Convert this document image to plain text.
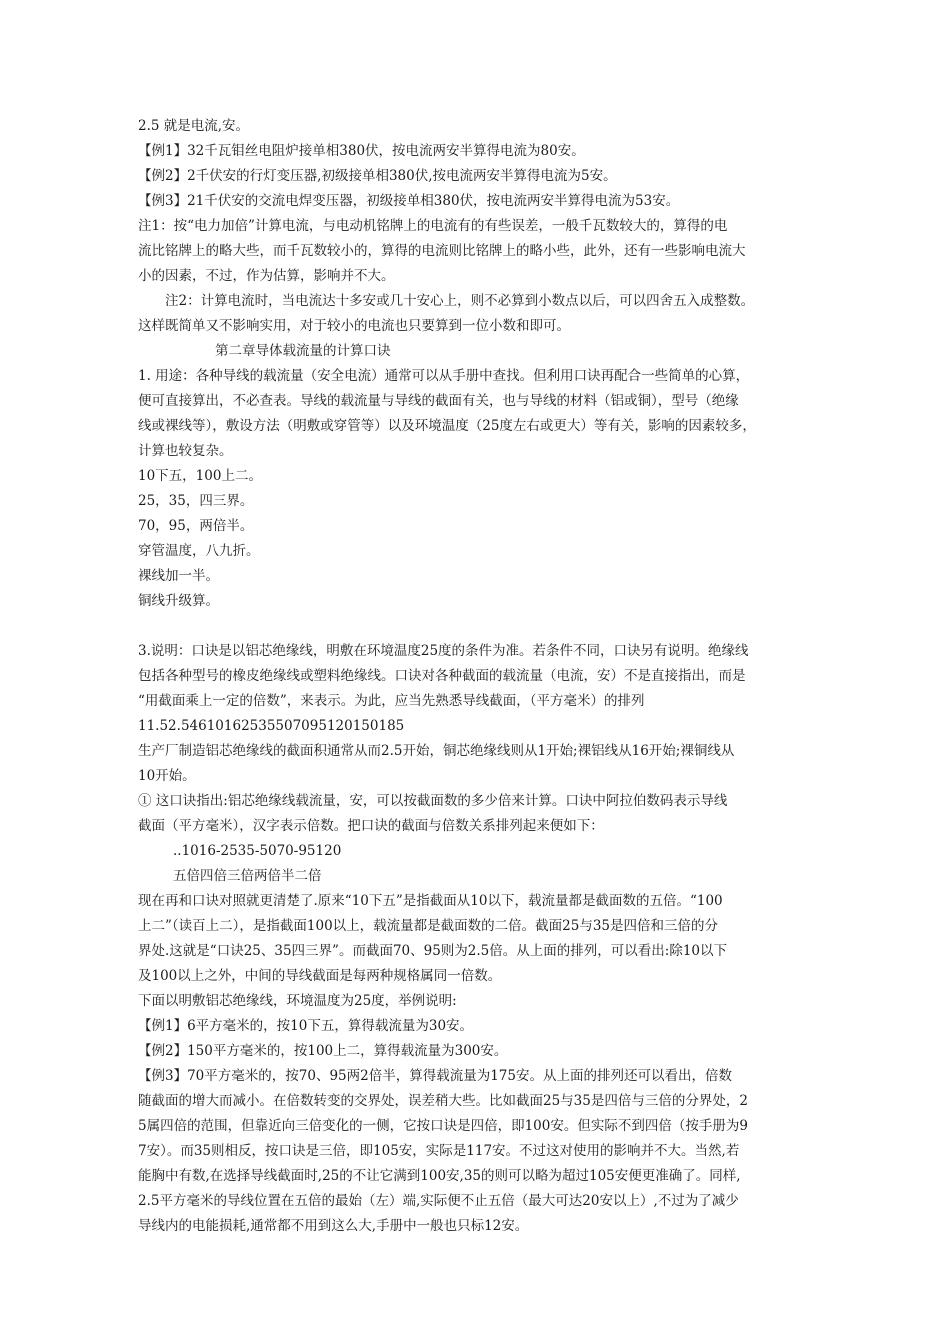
2.5 就是电流,安。
【例1】32千瓦钼丝电阻炉接单相380伏，按电流两安半算得电流为80安。
【例2】2千伏安的行灯变压器,初级接单相380伏,按电流两安半算得电流为5安。
【例3】21千伏安的交流电焊变压器，初级接单相380伏，按电流两安半算得电流为53安。
注1：按“电力加倍”计算电流，与电动机铭牌上的电流有的有些误差，一般千瓦数较大的，算得的电
流比铭牌上的略大些，而千瓦数较小的，算得的电流则比铭牌上的略小些，此外，还有一些影响电流大
小的因素，不过，作为估算，影响并不大。
注2：计算电流时，当电流达十多安或几十安心上，则不必算到小数点以后，可以四舍五入成整数。
这样既简单又不影响实用，对于较小的电流也只要算到一位小数和即可。
第二章导体载流量的计算口诀
1. 用途：各种导线的载流量（安全电流）通常可以从手册中查找。但利用口诀再配合一些简单的心算，
便可直接算出，不必查表。导线的载流量与导线的截面有关，也与导线的材料（铝或铜），型号（绝缘
线或裸线等），敷设方法（明敷或穿管等）以及环境温度（25度左右或更大）等有关，影响的因素较多，
计算也较复杂。
10下五，100上二。
25，35，四三界。
70，95，两倍半。
穿管温度，八九折。
裸线加一半。
铜线升级算。
3.说明：口诀是以铝芯绝缘线，明敷在环境温度25度的条件为准。若条件不同，口诀另有说明。绝缘线
包括各种型号的橡皮绝缘线或塑料绝缘线。口诀对各种截面的载流量（电流，安）不是直接指出，而是
“用截面乘上一定的倍数”，来表示。为此，应当先熟悉导线截面，（平方毫米）的排列
11.52.54610162535507095120150185
生产厂制造铝芯绝缘线的截面积通常从而2.5开始，铜芯绝缘线则从1开始;裸铝线从16开始;裸铜线从
10开始。
① 这口诀指出:铝芯绝缘线载流量，安，可以按截面数的多少倍来计算。口诀中阿拉伯数码表示导线
截面（平方毫米），汉字表示倍数。把口诀的截面与倍数关系排列起来便如下：
..1016-2535-5070-95120
五倍四倍三倍两倍半二倍
现在再和口诀对照就更清楚了.原来“10下五”是指截面从10以下，载流量都是截面数的五倍。“100
上二”（读百上二），是指截面100以上，载流量都是截面数的二倍。截面25与35是四倍和三倍的分
界处.这就是“口诀25、35四三界”。而截面70、95则为2.5倍。从上面的排列，可以看出:除10以下
及100以上之外，中间的导线截面是每两种规格属同一倍数。
下面以明敷铝芯绝缘线，环境温度为25度，举例说明:
【例1】6平方毫米的，按10下五，算得载流量为30安。
【例2】150平方毫米的，按100上二，算得载流量为300安。
【例3】70平方毫米的，按70、95两2倍半，算得载流量为175安。从上面的排列还可以看出，倍数
随截面的增大而减小。在倍数转变的交界处，误差稍大些。比如截面25与35是四倍与三倍的分界处，2
5属四倍的范围，但靠近向三倍变化的一侧，它按口诀是四倍，即100安。但实际不到四倍（按手册为9
7安）。而35则相反，按口诀是三倍，即105安，实际是117安。不过这对使用的影响并不大。当然,若
能胸中有数,在选择导线截面时,25的不让它满到100安,35的则可以略为超过105安便更准确了。同样,
2.5平方毫米的导线位置在五倍的最始（左）端,实际便不止五倍（最大可达20安以上）,不过为了减少
导线内的电能损耗,通常都不用到这么大,手册中一般也只标12安。
